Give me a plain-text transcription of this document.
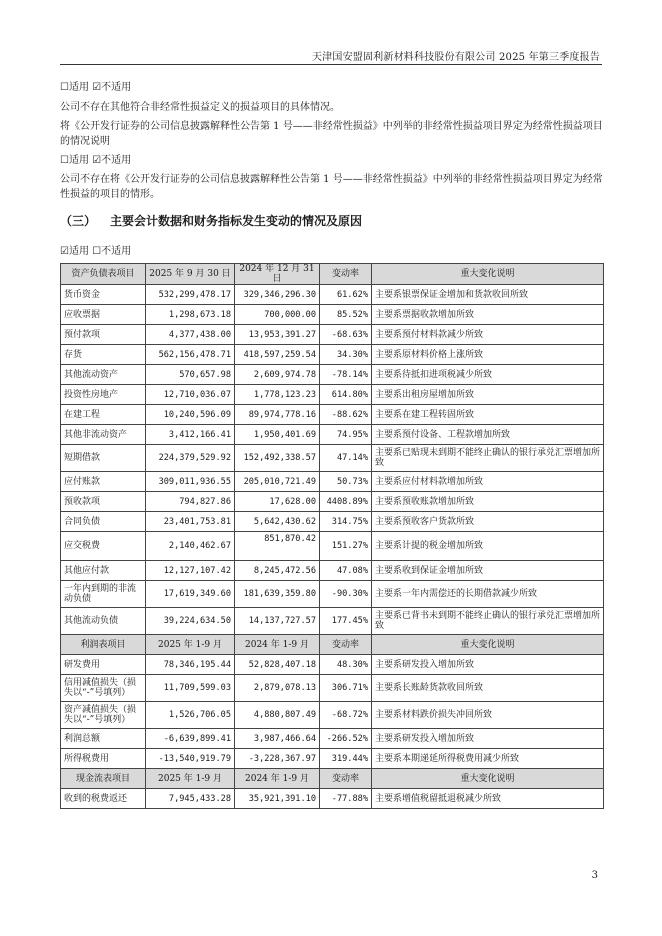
天津国安盟固利新材料科技股份有限公司 2025 年第三季度报告
☐适用 ☑不适用
公司不存在其他符合非经常性损益定义的损益项目的具体情况。
将《公开发行证券的公司信息披露解释性公告第 1 号——非经常性损益》中列举的非经常性损益项目界定为经常性损益项目的情况说明
☐适用 ☑不适用
公司不存在将《公开发行证券的公司信息披露解释性公告第 1 号——非经常性损益》中列举的非经常性损益项目界定为经常性损益的项目的情形。
（三） 主要会计数据和财务指标发生变动的情况及原因
☑适用 ☐不适用
资产负债表项目	2025 年 9 月 30 日	2024 年 12 月 31 日	变动率	重大变化说明
货币资金	532,299,478.17	329,346,296.30	61.62%	主要系银票保证金增加和货款收回所致
应收票据	1,298,673.18	700,000.00	85.52%	主要系票据收款增加所致
预付款项	4,377,438.00	13,953,391.27	-68.63%	主要系预付材料款减少所致
存货	562,156,478.71	418,597,259.54	34.30%	主要系原材料价格上涨所致
其他流动资产	570,657.98	2,609,974.78	-78.14%	主要系待抵扣进项税减少所致
投资性房地产	12,710,036.07	1,778,123.23	614.80%	主要系出租房屋增加所致
在建工程	10,240,596.09	89,974,778.16	-88.62%	主要系在建工程转固所致
其他非流动资产	3,412,166.41	1,950,401.69	74.95%	主要系预付设备、工程款增加所致
短期借款	224,379,529.92	152,492,338.57	47.14%	主要系已贴现未到期不能终止确认的银行承兑汇票增加所致
应付账款	309,011,936.55	205,010,721.49	50.73%	主要系应付材料款增加所致
预收款项	794,827.86	17,628.00	4408.89%	主要系预收账款增加所致
合同负债	23,401,753.81	5,642,430.62	314.75%	主要系预收客户货款所致
应交税费	2,140,462.67	851,870.42	151.27%	主要系计提的税金增加所致
其他应付款	12,127,107.42	8,245,472.56	47.08%	主要系收到保证金增加所致
一年内到期的非流动负债	17,619,349.60	181,639,359.80	-90.30%	主要系一年内需偿还的长期借款减少所致
其他流动负债	39,224,634.50	14,137,727.57	177.45%	主要系已背书未到期不能终止确认的银行承兑汇票增加所致
利润表项目	2025 年 1-9 月	2024 年 1-9 月	变动率	重大变化说明
研发费用	78,346,195.44	52,828,407.18	48.30%	主要系研发投入增加所致
信用减值损失（损失以“-”号填列）	11,709,599.03	2,879,078.13	306.71%	主要系长账龄货款收回所致
资产减值损失（损失以“-”号填列）	1,526,706.05	4,880,807.49	-68.72%	主要系材料跌价损失冲回所致
利润总额	-6,639,899.41	3,987,466.64	-266.52%	主要系研发投入增加所致
所得税费用	-13,540,919.79	-3,228,367.97	319.44%	主要系本期递延所得税费用减少所致
现金流表项目	2025 年 1-9 月	2024 年 1-9 月	变动率	重大变化说明
收到的税费返还	7,945,433.28	35,921,391.10	-77.88%	主要系增值税留抵退税减少所致
3
